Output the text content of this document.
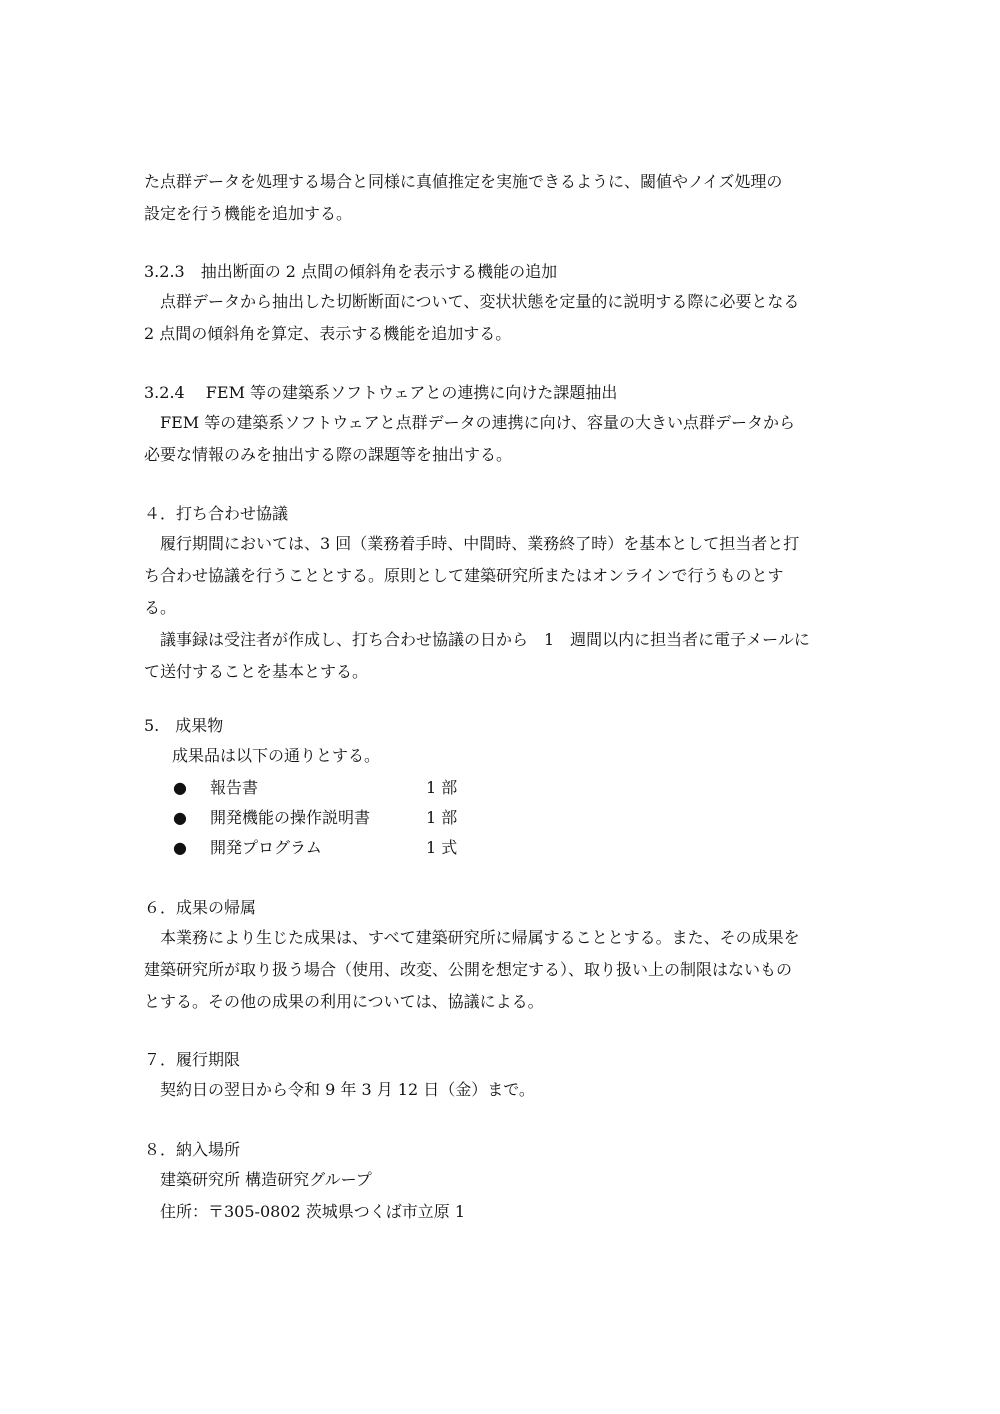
た点群データを処理する場合と同様に真値推定を実施できるように、閾値やノイズ処理の
設定を行う機能を追加する。
3.2.3　抽出断面の 2 点間の傾斜角を表示する機能の追加
　点群データから抽出した切断断面について、変状状態を定量的に説明する際に必要となる
2 点間の傾斜角を算定、表示する機能を追加する。
3.2.4　 FEM 等の建築系ソフトウェアとの連携に向けた課題抽出
　FEM 等の建築系ソフトウェアと点群データの連携に向け、容量の大きい点群データから
必要な情報のみを抽出する際の課題等を抽出する。
４．打ち合わせ協議
　履行期間においては、3 回（業務着手時、中間時、業務終了時）を基本として担当者と打
ち合わせ協議を行うこととする。原則として建築研究所またはオンラインで行うものとす
る。
　議事録は受注者が作成し、打ち合わせ協議の日から　1　週間以内に担当者に電子メールに
て送付することを基本とする。
5.　成果物
成果品は以下の通りとする。
● 報告書	1 部
● 開発機能の操作説明書	1 部
● 開発プログラム	1 式
６．成果の帰属
　本業務により生じた成果は、すべて建築研究所に帰属することとする。また、その成果を
建築研究所が取り扱う場合（使用、改変、公開を想定する）、取り扱い上の制限はないもの
とする。その他の成果の利用については、協議による。
７．履行期限
　契約日の翌日から令和 9 年 3 月 12 日（金）まで。
８．納入場所
　建築研究所 構造研究グループ
　住所：〒305-0802 茨城県つくば市立原 1
